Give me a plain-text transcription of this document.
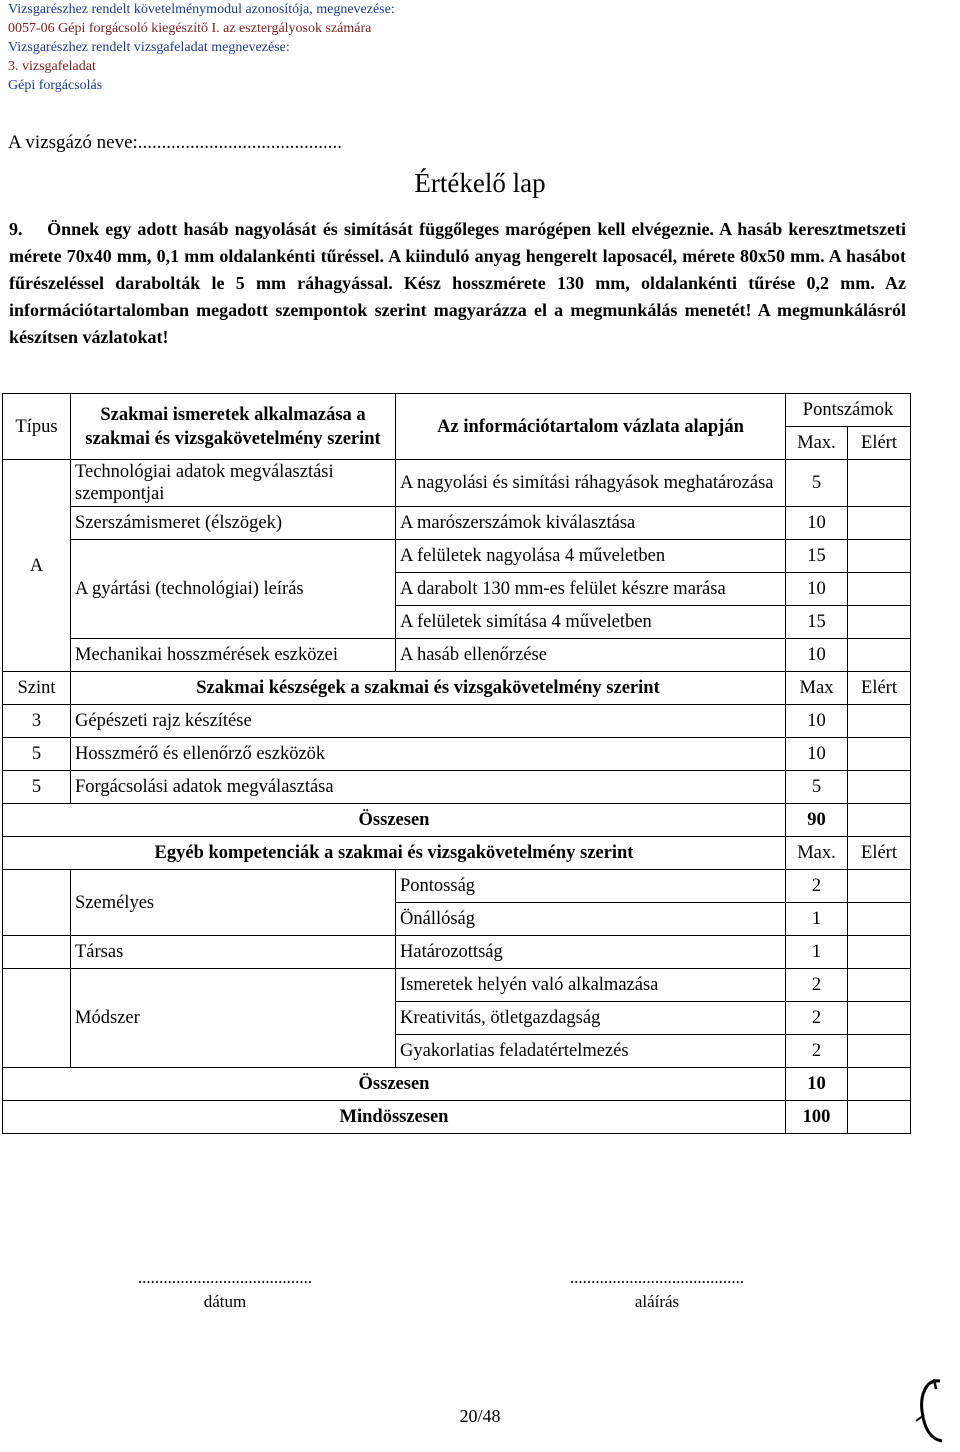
Vizsgarészhez rendelt követelménymodul azonosítója, megnevezése:
0057-06 Gépi forgácsoló kiegészítő I. az esztergályosok számára
Vizsgarészhez rendelt vizsgafeladat megnevezése:
3. vizsgafeladat
Gépi forgácsolás
A vizsgázó neve:...........................................
Értékelő lap
9. Önnek egy adott hasáb nagyolását és simítását függőleges marógépen kell elvégeznie. A hasáb keresztmetszeti mérete 70x40 mm, 0,1 mm oldalankénti tűréssel. A kiinduló anyag hengerelt laposacél, mérete 80x50 mm. A hasábot fűrészeléssel darabolták le 5 mm ráhagyással. Kész hosszmérete 130 mm, oldalankénti tűrése 0,2 mm. Az információtartalomban megadott szempontok szerint magyarázza el a megmunkálás menetét! A megmunkálásról készítsen vázlatokat!
Típus	Szakmai ismeretek alkalmazása a szakmai és vizsgakövetelmény szerint	Az információtartalom vázlata alapján	Pontszámok	
			Max.	Elért
A	Technológiai adatok megválasztási szempontjai	A nagyolási és simítási ráhagyások meghatározása	5	
	Szerszámismeret (élszögek)	A marószerszámok kiválasztása	10	
	A gyártási (technológiai) leírás	A felületek nagyolása 4 műveletben	15	
		A darabolt 130 mm-es felület készre marása	10	
		A felületek simítása 4 műveletben	15	
	Mechanikai hosszmérések eszközei	A hasáb ellenőrzése	10	
Szint	Szakmai készségek a szakmai és vizsgakövetelmény szerint		Max	Elért
3	Gépészeti rajz készítése		10	
5	Hosszmérő és ellenőrző eszközök		10	
5	Forgácsolási adatok megválasztása		5	
Összesen			90	
Egyéb kompetenciák a szakmai és vizsgakövetelmény szerint			Max.	Elért
	Személyes	Pontosság	2	
		Önállóság	1	
	Társas	Határozottság	1	
	Módszer	Ismeretek helyén való alkalmazása	2	
		Kreativitás, ötletgazdagság	2	
		Gyakorlatias feladatértelmezés	2	
Összesen			10	
Mindösszesen			100	
.........................................
dátum
.........................................
aláírás
20/48
